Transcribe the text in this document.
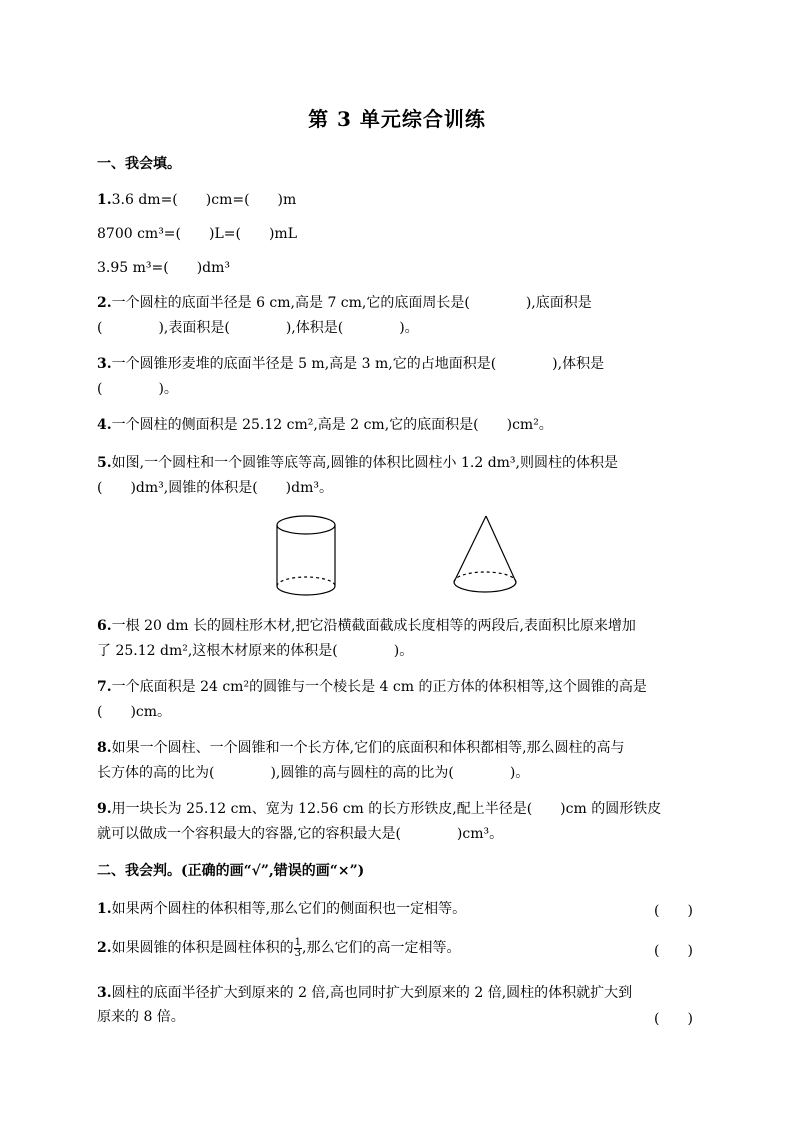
第 3 单元综合训练
一、我会填。
1.3.6 dm=(　　)cm=(　　)m
8700 cm³=(　　)L=(　　)mL
3.95 m³=(　　)dm³
2.一个圆柱的底面半径是 6 cm,高是 7 cm,它的底面周长是(　　　　),底面积是
(　　　　),表面积是(　　　　),体积是(　　　　)。
3.一个圆锥形麦堆的底面半径是 5 m,高是 3 m,它的占地面积是(　　　　),体积是
(　　　　)。
4.一个圆柱的侧面积是 25.12 cm²,高是 2 cm,它的底面积是(　　)cm²。
5.如图,一个圆柱和一个圆锥等底等高,圆锥的体积比圆柱小 1.2 dm³,则圆柱的体积是
(　　)dm³,圆锥的体积是(　　)dm³。
6.一根 20 dm 长的圆柱形木材,把它沿横截面截成长度相等的两段后,表面积比原来增加
了 25.12 dm²,这根木材原来的体积是(　　　　)。
7.一个底面积是 24 cm²的圆锥与一个棱长是 4 cm 的正方体的体积相等,这个圆锥的高是
(　　)cm。
8.如果一个圆柱、一个圆锥和一个长方体,它们的底面积和体积都相等,那么圆柱的高与
长方体的高的比为(　　　　),圆锥的高与圆柱的高的比为(　　　　)。
9.用一块长为 25.12 cm、宽为 12.56 cm 的长方形铁皮,配上半径是(　　)cm 的圆形铁皮
就可以做成一个容积最大的容器,它的容积最大是(　　　　)cm³。
二、我会判。(正确的画“√”,错误的画“×”)
1.如果两个圆柱的体积相等,那么它们的侧面积也一定相等。	(　　)
2.如果圆锥的体积是圆柱体积的 $\frac{1}{3}$ ,那么它们的高一定相等。	(　　)
3.圆柱的底面半径扩大到原来的 2 倍,高也同时扩大到原来的 2 倍,圆柱的体积就扩大到
原来的 8 倍。	(　　)
